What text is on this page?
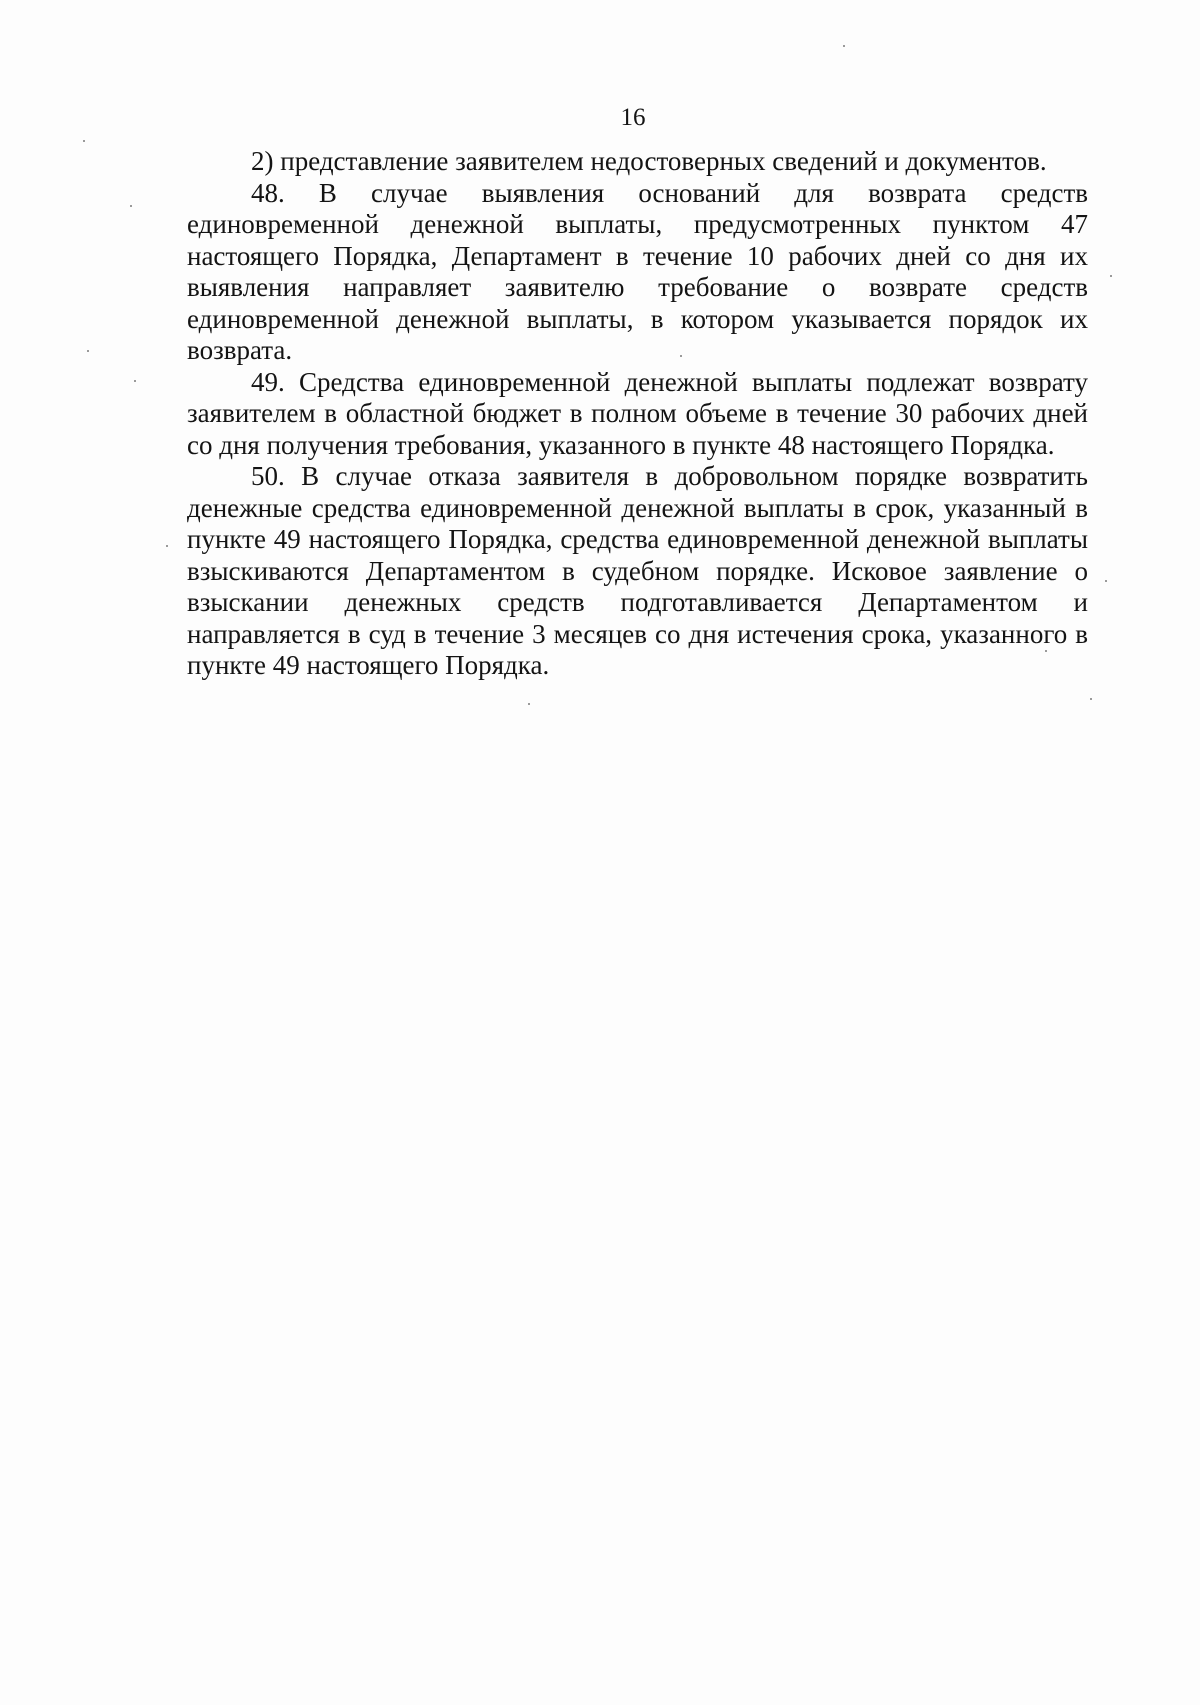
16

2) представление заявителем недостоверных сведений и документов.

48. В случае выявления оснований для возврата средств единовременной денежной выплаты, предусмотренных пунктом 47 настоящего Порядка, Департамент в течение 10 рабочих дней со дня их выявления направляет заявителю требование о возврате средств единовременной денежной выплаты, в котором указывается порядок их возврата.

49. Средства единовременной денежной выплаты подлежат возврату заявителем в областной бюджет в полном объеме в течение 30 рабочих дней со дня получения требования, указанного в пункте 48 настоящего Порядка.

50. В случае отказа заявителя в добровольном порядке возвратить денежные средства единовременной денежной выплаты в срок, указанный в пункте 49 настоящего Порядка, средства единовременной денежной выплаты взыскиваются Департаментом в судебном порядке. Исковое заявление о взыскании денежных средств подготавливается Департаментом и направляется в суд в течение 3 месяцев со дня истечения срока, указанного в пункте 49 настоящего Порядка.
